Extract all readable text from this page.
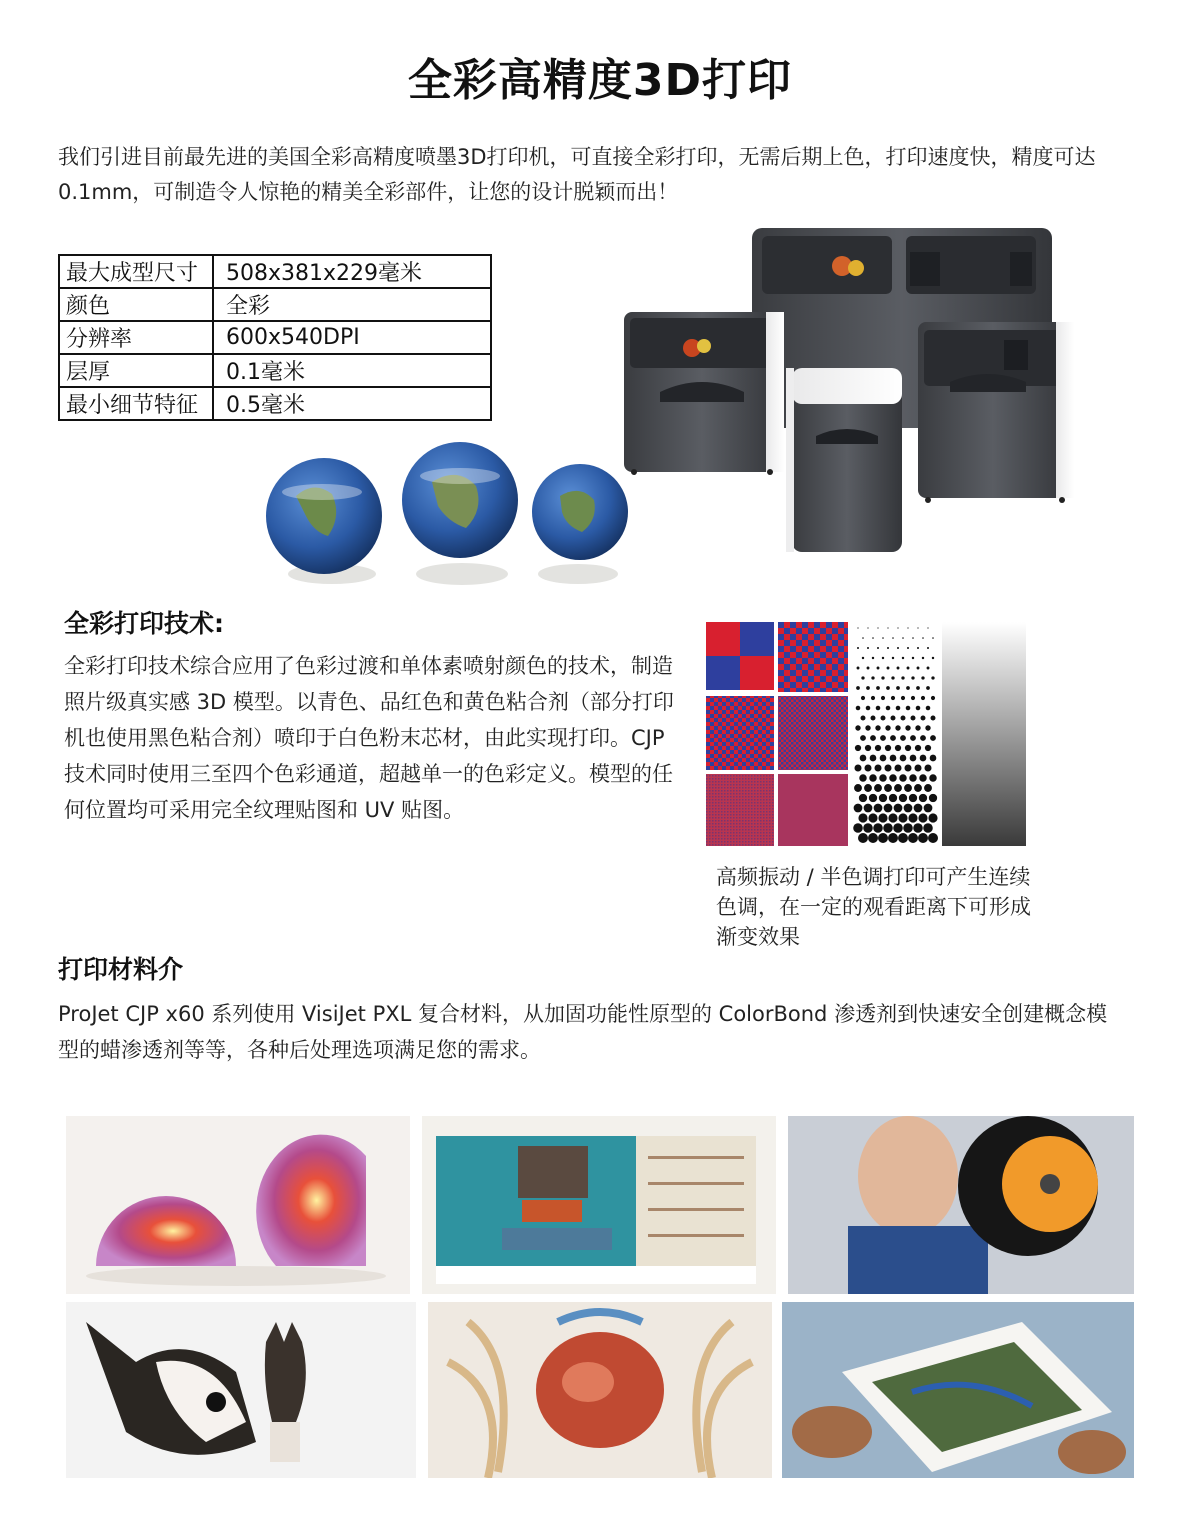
全彩高精度3D打印
我们引进目前最先进的美国全彩高精度喷墨3D打印机，可直接全彩打印，无需后期上色，打印速度快，精度可达0.1mm，可制造令人惊艳的精美全彩部件，让您的设计脱颖而出！
最大成型尺寸	508x381x229毫米
颜色	全彩
分辨率	600x540DPI
层厚	0.1毫米
最小细节特征	0.5毫米
全彩打印技术:
全彩打印技术综合应用了色彩过渡和单体素喷射颜色的技术，制造照片级真实感 3D 模型。以青色、品红色和黄色粘合剂（部分打印机也使用黑色粘合剂）喷印于白色粉末芯材，由此实现打印。CJP 技术同时使用三至四个色彩通道，超越单一的色彩定义。模型的任何位置均可采用完全纹理贴图和 UV 贴图。
高频振动 / 半色调打印可产生连续色调，在一定的观看距离下可形成渐变效果
打印材料介
ProJet CJP x60 系列使用 VisiJet PXL 复合材料，从加固功能性原型的 ColorBond 渗透剂到快速安全创建概念模型的蜡渗透剂等等，各种后处理选项满足您的需求。
